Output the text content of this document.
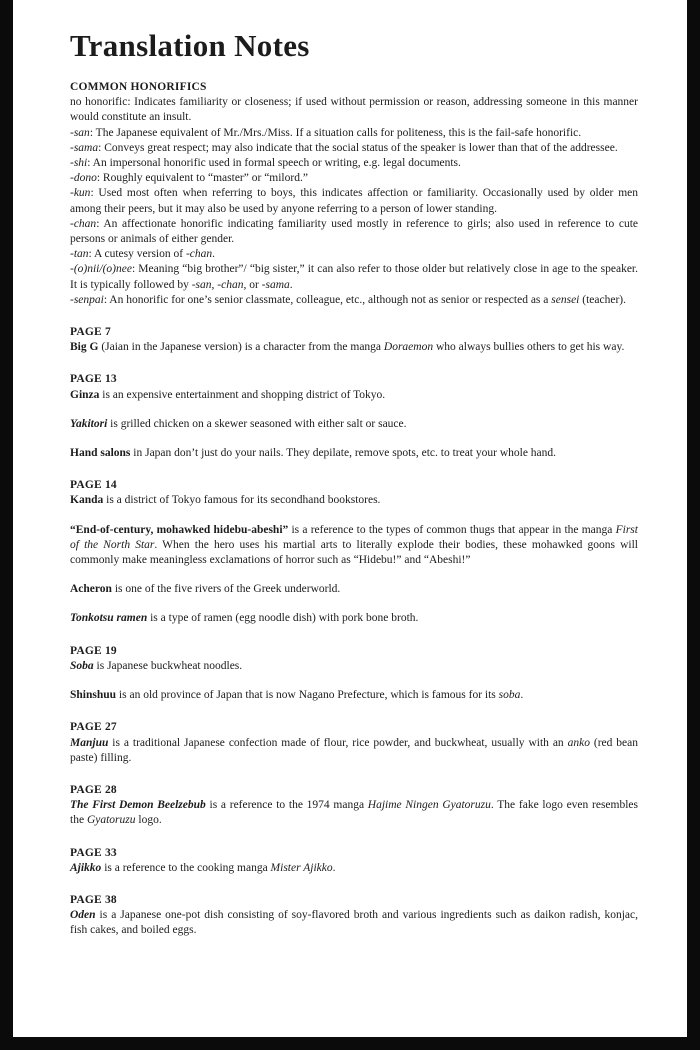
Translation Notes
COMMON HONORIFICS

no honorific: Indicates familiarity or closeness; if used without permission or reason, addressing someone in this manner would constitute an insult.

-san: The Japanese equivalent of Mr./Mrs./Miss. If a situation calls for politeness, this is the fail-safe honorific.

-sama: Conveys great respect; may also indicate that the social status of the speaker is lower than that of the addressee.

-shi: An impersonal honorific used in formal speech or writing, e.g. legal documents.

-dono: Roughly equivalent to “master” or “milord.”

-kun: Used most often when referring to boys, this indicates affection or familiarity. Occasionally used by older men among their peers, but it may also be used by anyone referring to a person of lower standing.

-chan: An affectionate honorific indicating familiarity used mostly in reference to girls; also used in reference to cute persons or animals of either gender.

-tan: A cutesy version of -chan.

-(o)nii/(o)nee: Meaning “big brother”/ “big sister,” it can also refer to those older but relatively close in age to the speaker. It is typically followed by -san, -chan, or -sama.

-senpai: An honorific for one’s senior classmate, colleague, etc., although not as senior or respected as a sensei (teacher).

PAGE 7

Big G (Jaian in the Japanese version) is a character from the manga Doraemon who always bullies others to get his way.

PAGE 13

Ginza is an expensive entertainment and shopping district of Tokyo.

Yakitori is grilled chicken on a skewer seasoned with either salt or sauce.

Hand salons in Japan don’t just do your nails. They depilate, remove spots, etc. to treat your whole hand.

PAGE 14

Kanda is a district of Tokyo famous for its secondhand bookstores.

“End-of-century, mohawked hidebu-abeshi” is a reference to the types of common thugs that appear in the manga First of the North Star. When the hero uses his martial arts to literally explode their bodies, these mohawked goons will commonly make meaningless exclamations of horror such as “Hidebu!” and “Abeshi!”

Acheron is one of the five rivers of the Greek underworld.

Tonkotsu ramen is a type of ramen (egg noodle dish) with pork bone broth.

PAGE 19

Soba is Japanese buckwheat noodles.

Shinshuu is an old province of Japan that is now Nagano Prefecture, which is famous for its soba.

PAGE 27

Manjuu is a traditional Japanese confection made of flour, rice powder, and buckwheat, usually with an anko (red bean paste) filling.

PAGE 28

The First Demon Beelzebub is a reference to the 1974 manga Hajime Ningen Gyatoruzu. The fake logo even resembles the Gyatoruzu logo.

PAGE 33

Ajikko is a reference to the cooking manga Mister Ajikko.

PAGE 38

Oden is a Japanese one-pot dish consisting of soy-flavored broth and various ingredients such as daikon radish, konjac, fish cakes, and boiled eggs.
